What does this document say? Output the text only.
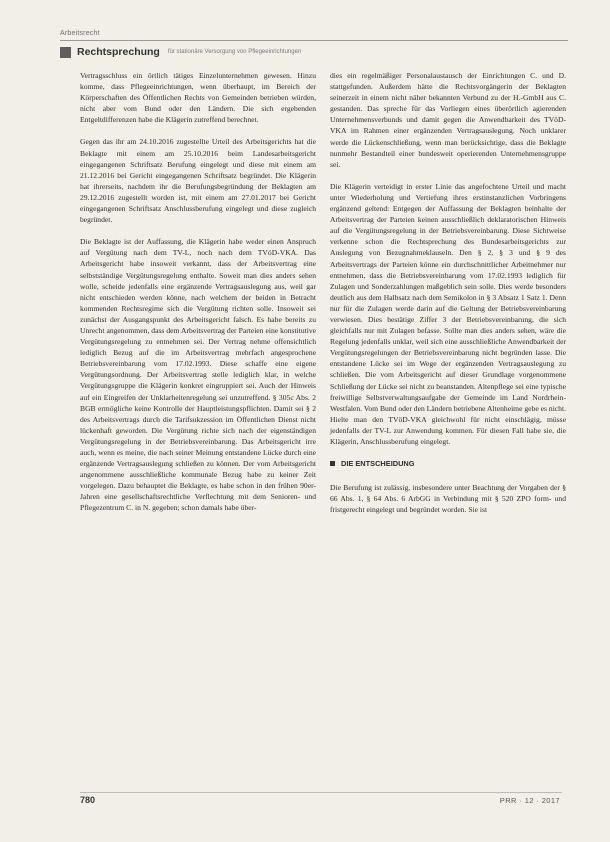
Arbeitsrecht
Rechtsprechung für stationäre Versorgung von Pflegeeinrichtungen

Vertragsschluss ein örtlich tätiges Einzelunternehmen gewesen. Hinzu komme, dass Pflegeeinrichtungen, wenn überhaupt, im Bereich der Körperschaften des Öffentlichen Rechts von Gemeinden betrieben würden, nicht aber vom Bund oder den Ländern. Die sich ergebenden Entgeltdifferenzen habe die Klägerin zutreffend berechnet.

Gegen das ihr am 24.10.2016 zugestellte Urteil des Arbeitsgerichts hat die Beklagte mit einem am 25.10.2016 beim Landesarbeitsgericht eingegangenen Schriftsatz Berufung eingelegt und diese mit einem am 21.12.2016 bei Gericht eingegangenen Schriftsatz begründet. Die Klägerin hat ihrerseits, nachdem ihr die Berufungsbegründung der Beklagten am 29.12.2016 zugestellt worden ist, mit einem am 27.01.2017 bei Gericht eingegangenen Schriftsatz Anschlussberufung eingelegt und diese zugleich begründet.

Die Beklagte ist der Auffassung, die Klägerin habe weder einen Anspruch auf Vergütung nach dem TV-L, noch nach dem TVöD-VKA. Das Arbeitsgericht habe insoweit verkannt, dass der Arbeitsvertrag eine selbstständige Vergütungsregelung enthalte. Soweit man dies anders sehen wolle, scheide jedenfalls eine ergänzende Vertragsauslegung aus, weil gar nicht entschieden werden könne, nach welchem der beiden in Betracht kommenden Rechtsregime sich die Vergütung richten solle. Insoweit sei zunächst der Ausgangspunkt des Arbeitsgericht falsch. Es habe bereits zu Unrecht angenommen, dass dem Arbeitsvertrag der Parteien eine konstitutive Vergütungsregelung zu entnehmen sei. Der Vertrag nehme offensichtlich lediglich Bezug auf die im Arbeitsvertrag mehrfach angesprochene Betriebsvereinbarung vom 17.02.1993. Diese schaffe eine eigene Vergütungsordnung. Der Arbeitsvertrag stelle lediglich klar, in welche Vergütungsgruppe die Klägerin konkret eingruppiert sei. Auch der Hinweis auf ein Eingreifen der Unklarheitenregelung sei unzutreffend. § 305c Abs. 2 BGB ermögliche keine Kontrolle der Hauptleistungspflichten. Damit sei § 2 des Arbeitsvertrags durch die Tarifsukzession im Öffentlichen Dienst nicht lückenhaft geworden. Die Vergütung richte sich nach der eigenständigen Vergütungsregelung in der Betriebsvereinbarung. Das Arbeitsgericht irre auch, wenn es meine, die nach seiner Meinung entstandene Lücke durch eine ergänzende Vertragsauslegung schließen zu können. Der vom Arbeitsgericht angenommene ausschließliche kommunale Bezug habe zu keiner Zeit vorgelegen. Dazu behauptet die Beklagte, es habe schon in den frühen 90er-Jahren eine gesellschaftsrechtliche Verflechtung mit dem Senioren- und Pflegezentrum C. in N. gegeben; schon damals habe über-

dies ein regelmäßiger Personalaustausch der Einrichtungen C. und D. stattgefunden. Außerdem hätte die Rechtsvorgängerin der Beklagten seinerzeit in einem nicht näher bekannten Verbund zu der H.-GmbH aus C. gestanden. Das spreche für das Vorliegen eines überörtlich agierenden Unternehmensverbunds und damit gegen die Anwendbarkeit des TVöD-VKA im Rahmen einer ergänzenden Vertragsauslegung. Noch unklarer werde die Lückenschließung, wenn man berücksichtige, dass die Beklagte nunmehr Bestandteil einer bundesweit operierenden Unternehmensgruppe sei.

Die Klägerin verteidigt in erster Linie das angefochtene Urteil und macht unter Wiederholung und Vertiefung ihres erstinstanzlichen Vorbringens ergänzend geltend: Entgegen der Auffassung der Beklagten beinhalte der Arbeitsvertrag der Parteien keinen ausschließlich deklaratorischen Hinweis auf die Vergütungsregelung in der Betriebsvereinbarung. Diese Sichtweise verkenne schon die Rechtsprechung des Bundesarbeitsgerichts zur Auslegung von Bezugnahmeklauseln. Den § 2, § 3 und § 9 des Arbeitsvertrags der Parteien könne ein durchschnittlicher Arbeitnehmer nur entnehmen, dass die Betriebsvereinbarung vom 17.02.1993 lediglich für Zulagen und Sonderzahlungen maßgeblich sein solle. Dies werde besonders deutlich aus dem Halbsatz nach dem Semikolon in § 3 Absatz 1 Satz 1. Denn nur für die Zulagen werde darin auf die Geltung der Betriebsvereinbarung verwiesen. Dies bestätige Ziffer 3 der Betriebsvereinbarung, die sich gleichfalls nur mit Zulagen befasse. Sollte man dies anders sehen, wäre die Regelung jedenfalls unklar, weil sich eine ausschließliche Anwendbarkeit der Vergütungsregelungen der Betriebsvereinbarung nicht begründen lasse. Die entstandene Lücke sei im Wege der ergänzenden Vertragsauslegung zu schließen. Die vom Arbeitsgericht auf dieser Grundlage vorgenommene Schließung der Lücke sei nicht zu beanstanden. Altenpflege sei eine typische freiwillige Selbstverwaltungsaufgabe der Gemeinde im Land Nordrhein-Westfalen. Vom Bund oder den Ländern betriebene Altenheime gebe es nicht. Hielte man den TVöD-VKA gleichwohl für nicht einschlägig, müsse jedenfalls der TV-L zur Anwendung kommen. Für diesen Fall habe sie, die Klägerin, Anschlussberufung eingelegt.

DIE ENTSCHEIDUNG

Die Berufung ist zulässig, insbesondere unter Beachtung der Vorgaben der § 66 Abs. 1, § 64 Abs. 6 ArbGG in Verbindung mit § 520 ZPO form- und fristgerecht eingelegt und begründet worden. Sie ist

780	PRR · 12 · 2017
